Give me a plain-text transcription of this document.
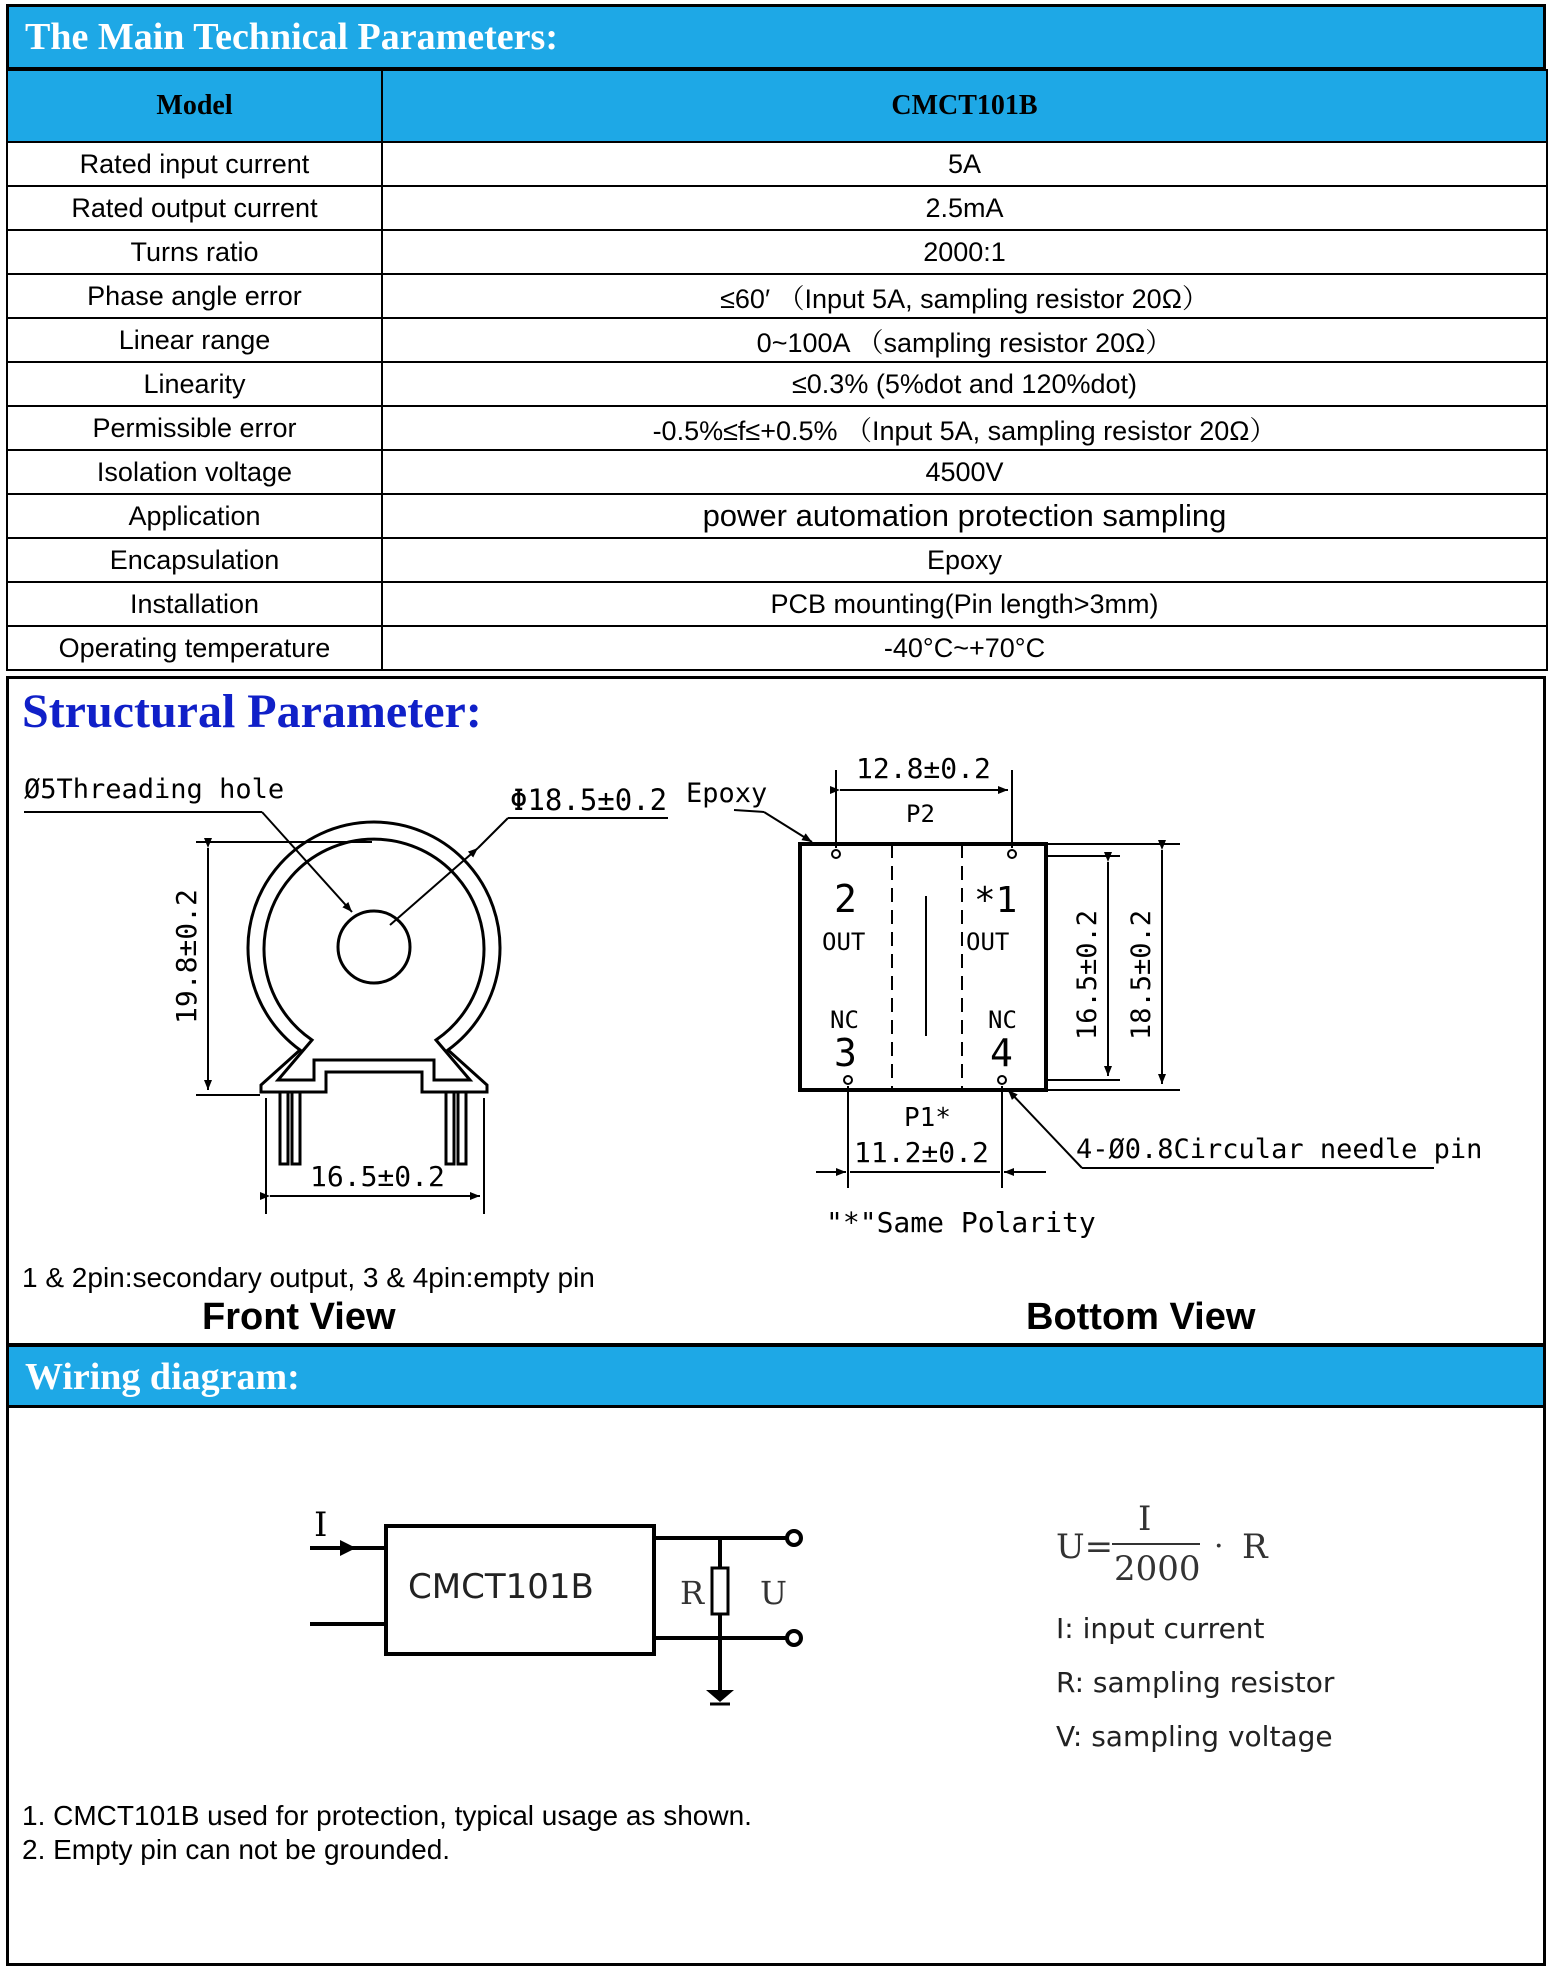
The Main Technical Parameters:
Model	CMCT101B
Rated input current	5A
Rated output current	2.5mA
Turns ratio	2000:1
Phase angle error	≤60′ （Input 5A, sampling resistor 20Ω）
Linear range	0~100A （sampling resistor 20Ω）
Linearity	≤0.3% (5%dot and 120%dot)
Permissible error	-0.5%≤f≤+0.5% （Input 5A, sampling resistor 20Ω）
Isolation voltage	4500V
Application	power automation protection sampling
Encapsulation	Epoxy
Installation	PCB mounting(Pin length>3mm)
Operating temperature	-40°C~+70°C
Structural Parameter:
Ø5Threading hole	Φ18.5±0.2
19.8±0.2
16.5±0.2
Epoxy
12.8±0.2
P2
2
OUT
*1
OUT
NC
3
NC
4
16.5±0.2 18.5±0.2
P1*
11.2±0.2	4-Ø0.8Circular needle pin
"*"Same Polarity
1 & 2pin:secondary output, 3 & 4pin:empty pin
Front View	Bottom View
Wiring diagram:
I
CMCT101B	R U
U=
I
2000
· R
I: input current
R: sampling resistor
V: sampling voltage
1. CMCT101B used for protection, typical usage as shown.
2. Empty pin can not be grounded.
